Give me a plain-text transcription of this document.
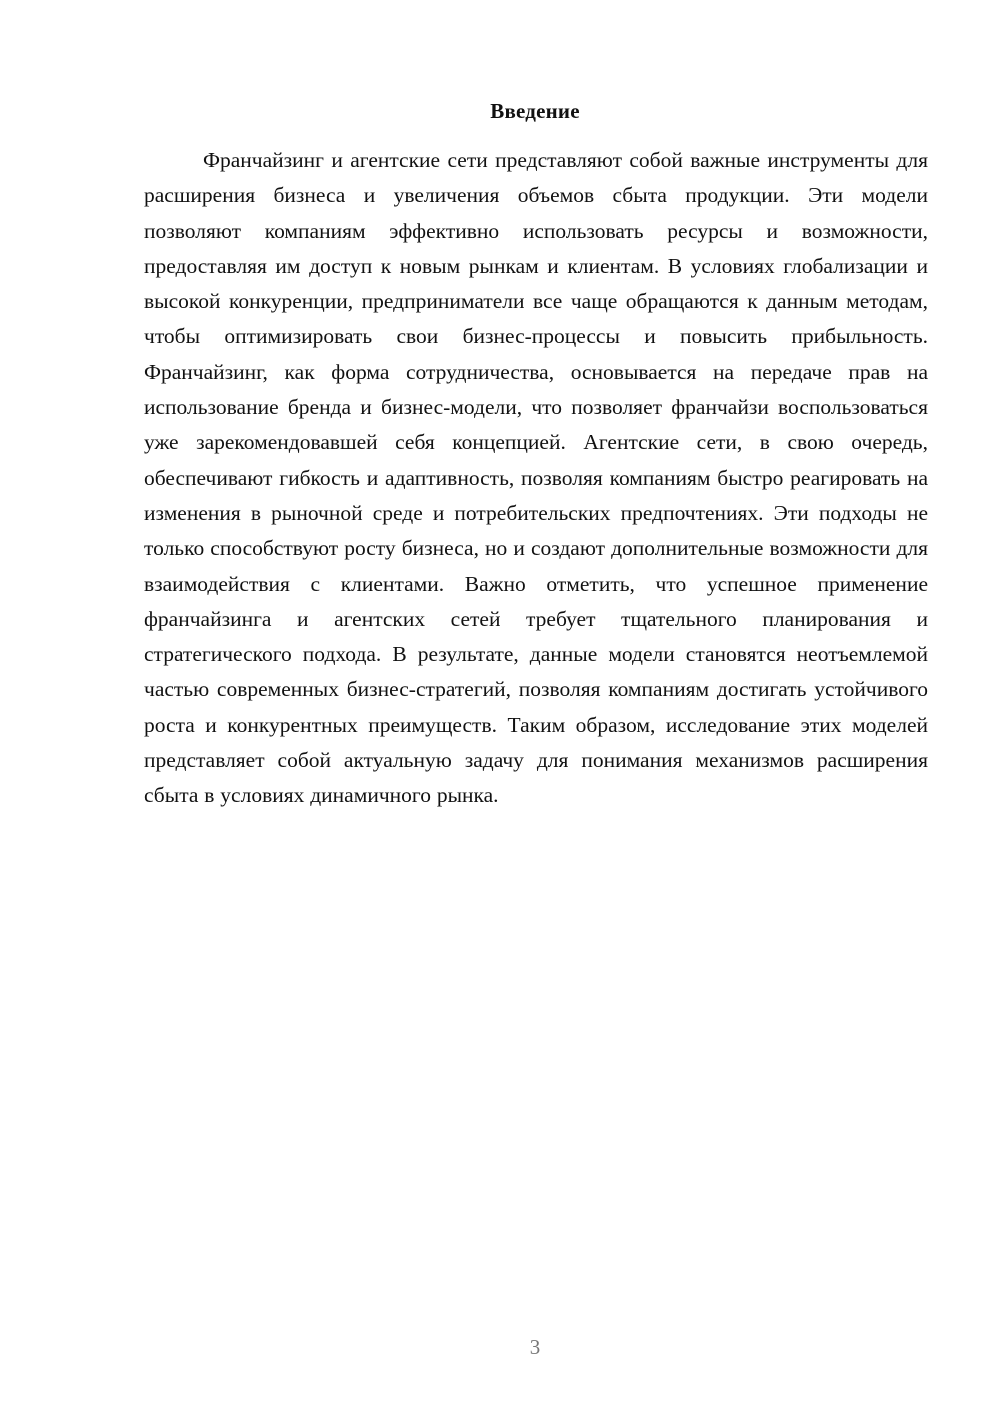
Введение

Франчайзинг и агентские сети представляют собой важные инструменты для расширения бизнеса и увеличения объемов сбыта продукции. Эти модели позволяют компаниям эффективно использовать ресурсы и возможности, предоставляя им доступ к новым рынкам и клиентам. В условиях глобализации и высокой конкуренции, предприниматели все чаще обращаются к данным методам, чтобы оптимизировать свои бизнес-процессы и повысить прибыльность. Франчайзинг, как форма сотрудничества, основывается на передаче прав на использование бренда и бизнес-модели, что позволяет франчайзи воспользоваться уже зарекомендовавшей себя концепцией. Агентские сети, в свою очередь, обеспечивают гибкость и адаптивность, позволяя компаниям быстро реагировать на изменения в рыночной среде и потребительских предпочтениях. Эти подходы не только способствуют росту бизнеса, но и создают дополнительные возможности для взаимодействия с клиентами. Важно отметить, что успешное применение франчайзинга и агентских сетей требует тщательного планирования и стратегического подхода. В результате, данные модели становятся неотъемлемой частью современных бизнес-стратегий, позволяя компаниям достигать устойчивого роста и конкурентных преимуществ. Таким образом, исследование этих моделей представляет собой актуальную задачу для понимания механизмов расширения сбыта в условиях динамичного рынка.

3
